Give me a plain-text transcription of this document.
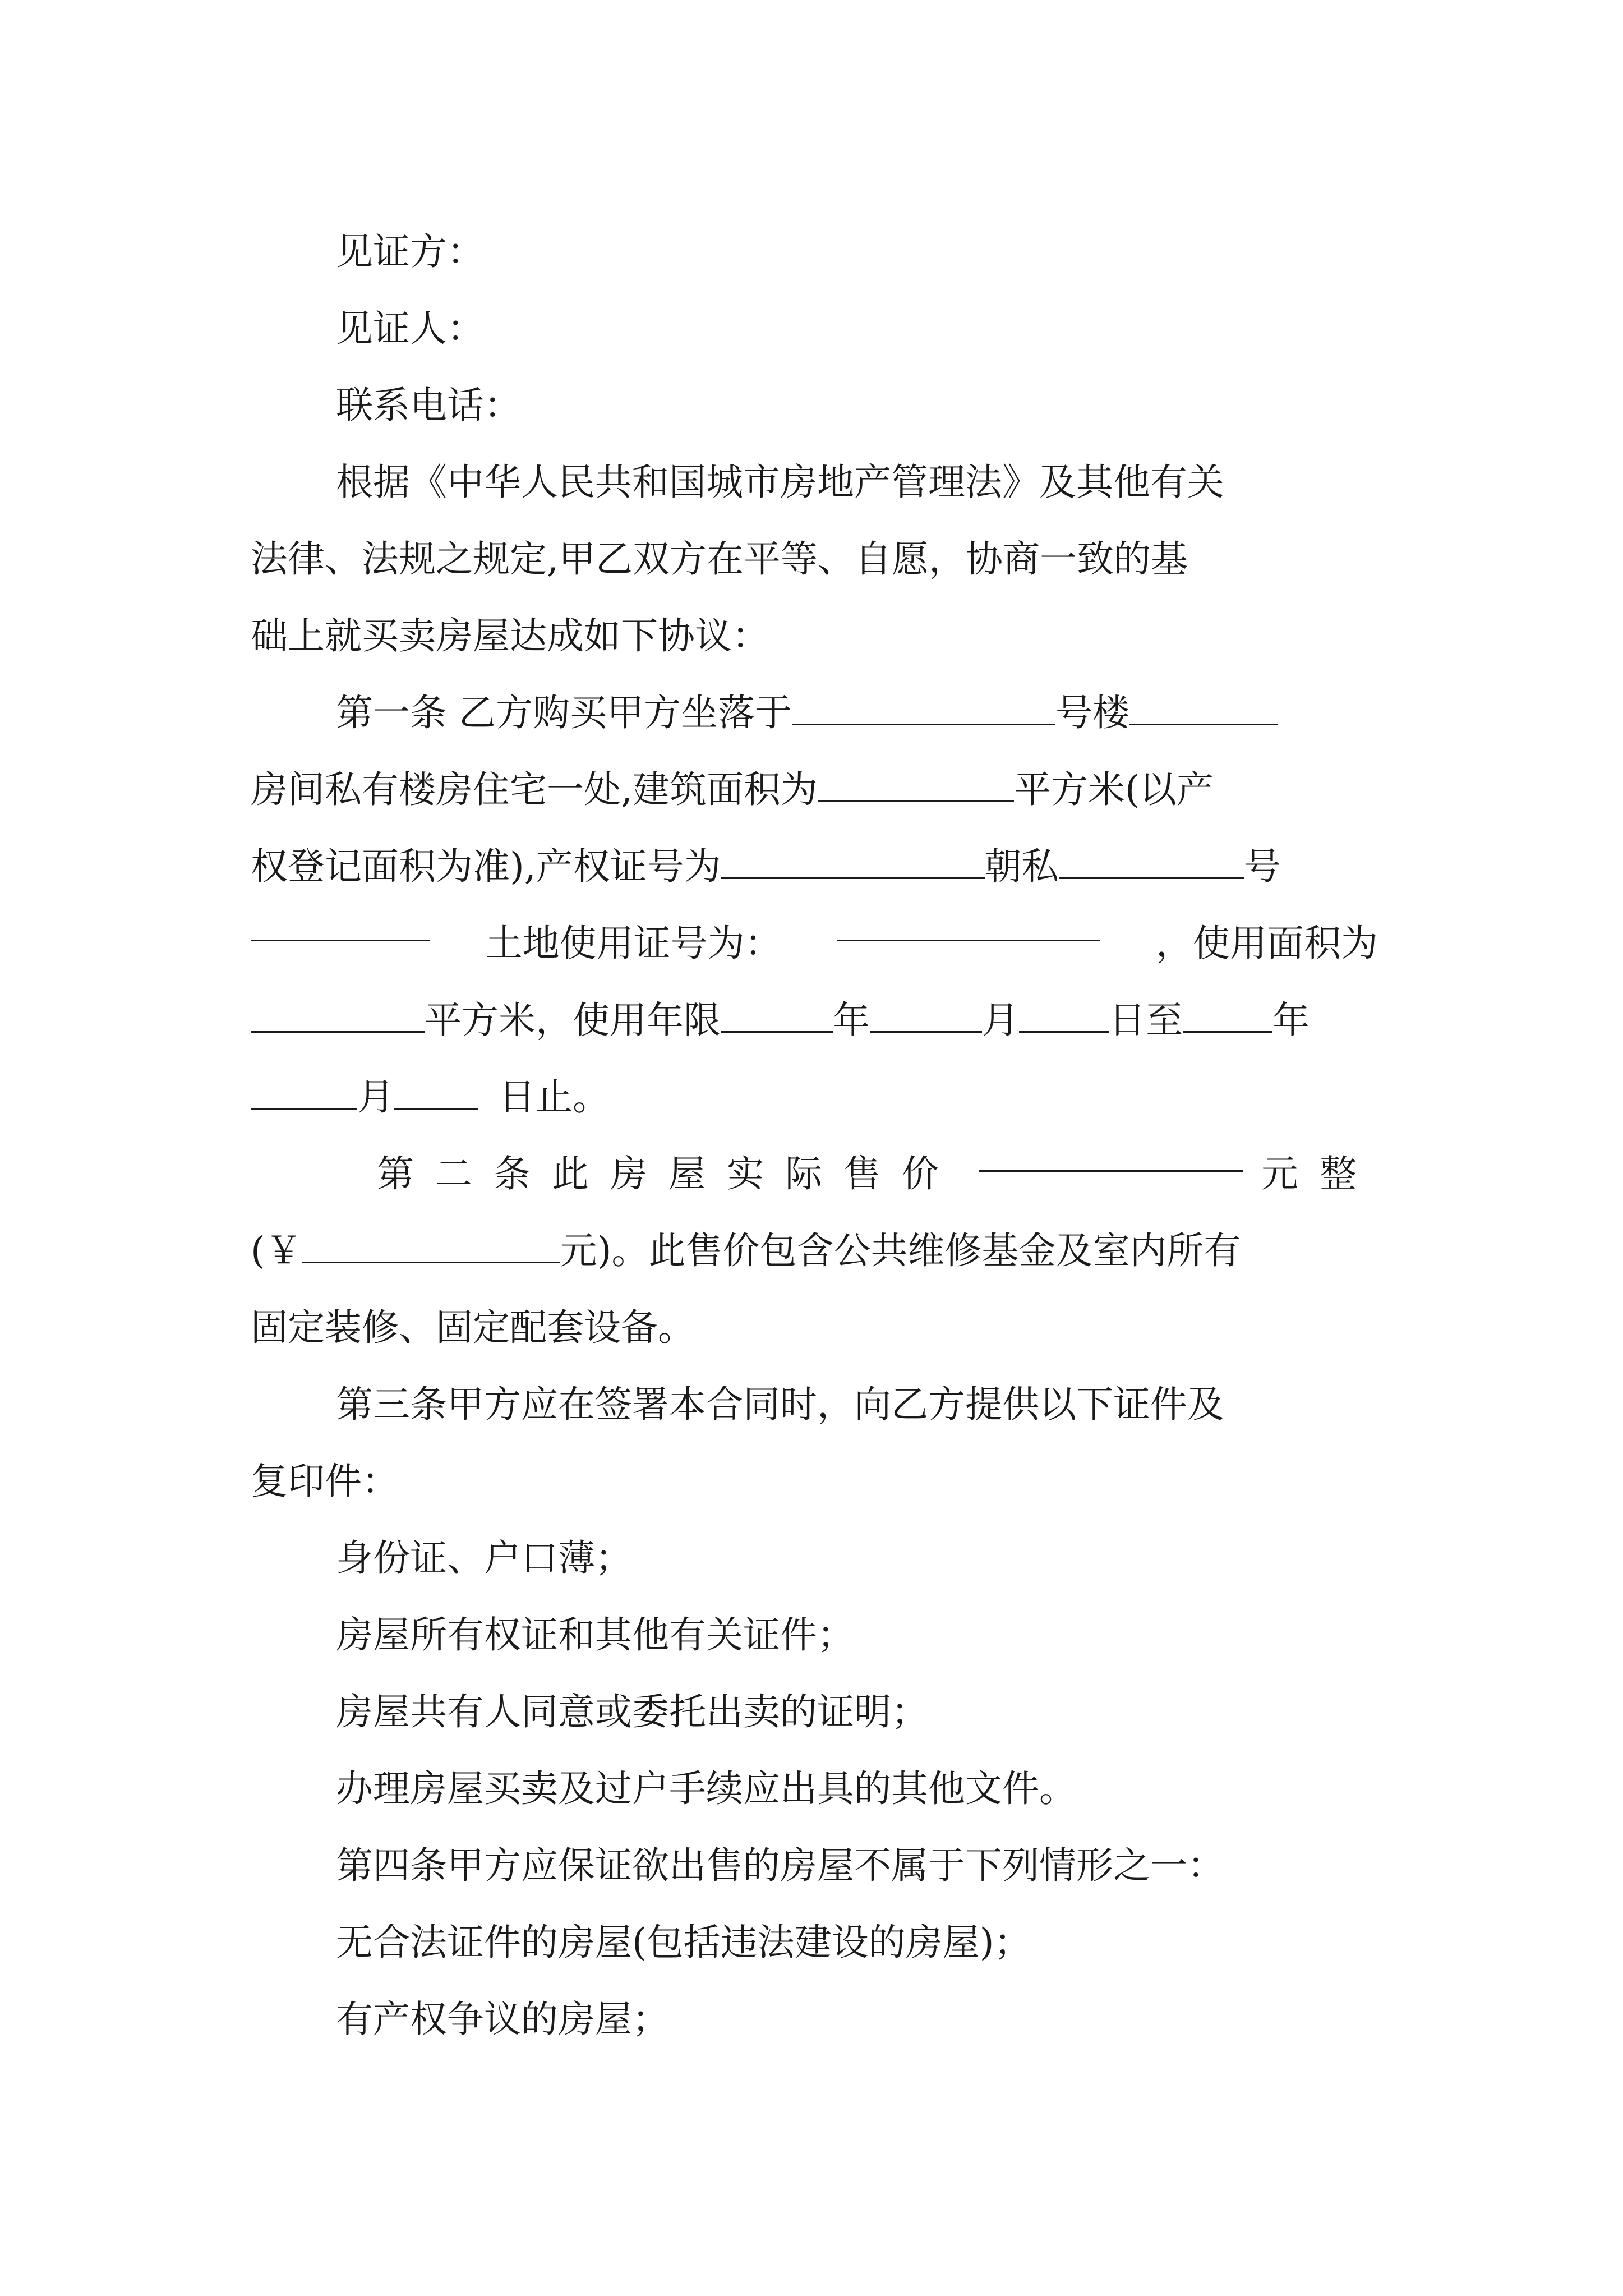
见证方：
见证人：
联系电话：
根据《中华人民共和国城市房地产管理法》及其他有关
法律、法规之规定,甲乙双方在平等、自愿，协商一致的基
础上就买卖房屋达成如下协议：
第一条 乙方购买甲方坐落于	号楼
房间私有楼房住宅一处,建筑面积为	平方米(以产
权登记面积为准),产权证号为	朝私	号
土地使用证号为：	，使用面积为
平方米，使用年限	年	月 日至 年
月	日止。
第二条此房屋实际售价	元整
(￥	元)。此售价包含公共维修基金及室内所有
固定装修、固定配套设备。
第三条甲方应在签署本合同时，向乙方提供以下证件及
复印件：
身份证、户口薄；
房屋所有权证和其他有关证件；
房屋共有人同意或委托出卖的证明；
办理房屋买卖及过户手续应出具的其他文件。
第四条甲方应保证欲出售的房屋不属于下列情形之一：
无合法证件的房屋(包括违法建设的房屋)；
有产权争议的房屋；
